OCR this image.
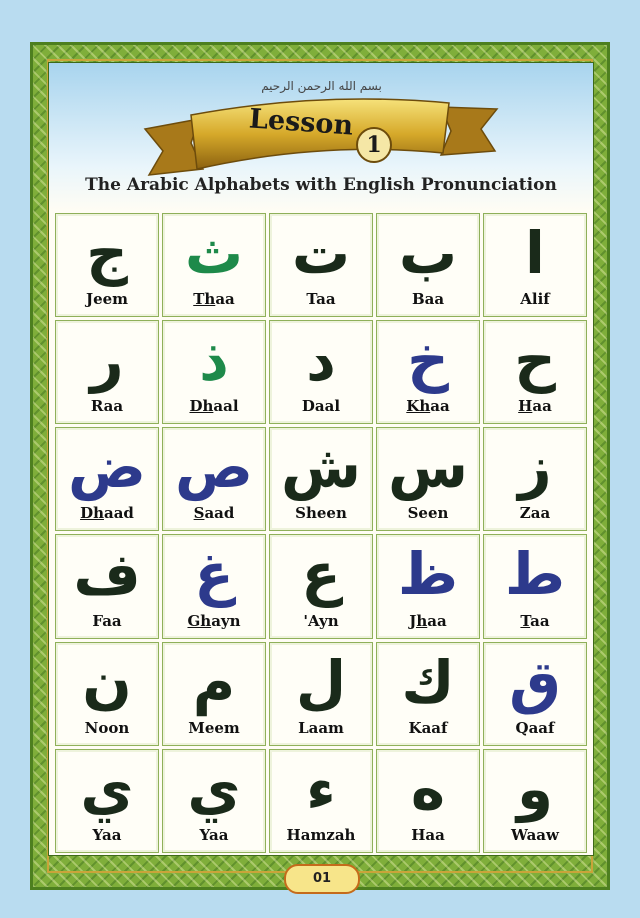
بسم الله الرحمن الرحيم
Lesson
1
The Arabic Alphabets with English Pronunciation
ج
Jeem
ث
Thaa
ت
Taa
ب
Baa
ا
Alif
ر
Raa
ذ
Dhaal
د
Daal
خ
Khaa
ح
Haa
ض
Dhaad
ص
Saad
ش
Sheen
س
Seen
ز
Zaa
ف
Faa
غ
Ghayn
ع
'Ayn
ظ
Jhaa
ط
Taa
ن
Noon
م
Meem
ل
Laam
ك
Kaaf
ق
Qaaf
ي
Yaa
ي
Yaa
ء
Hamzah
ه
Haa
و
Waaw
01
